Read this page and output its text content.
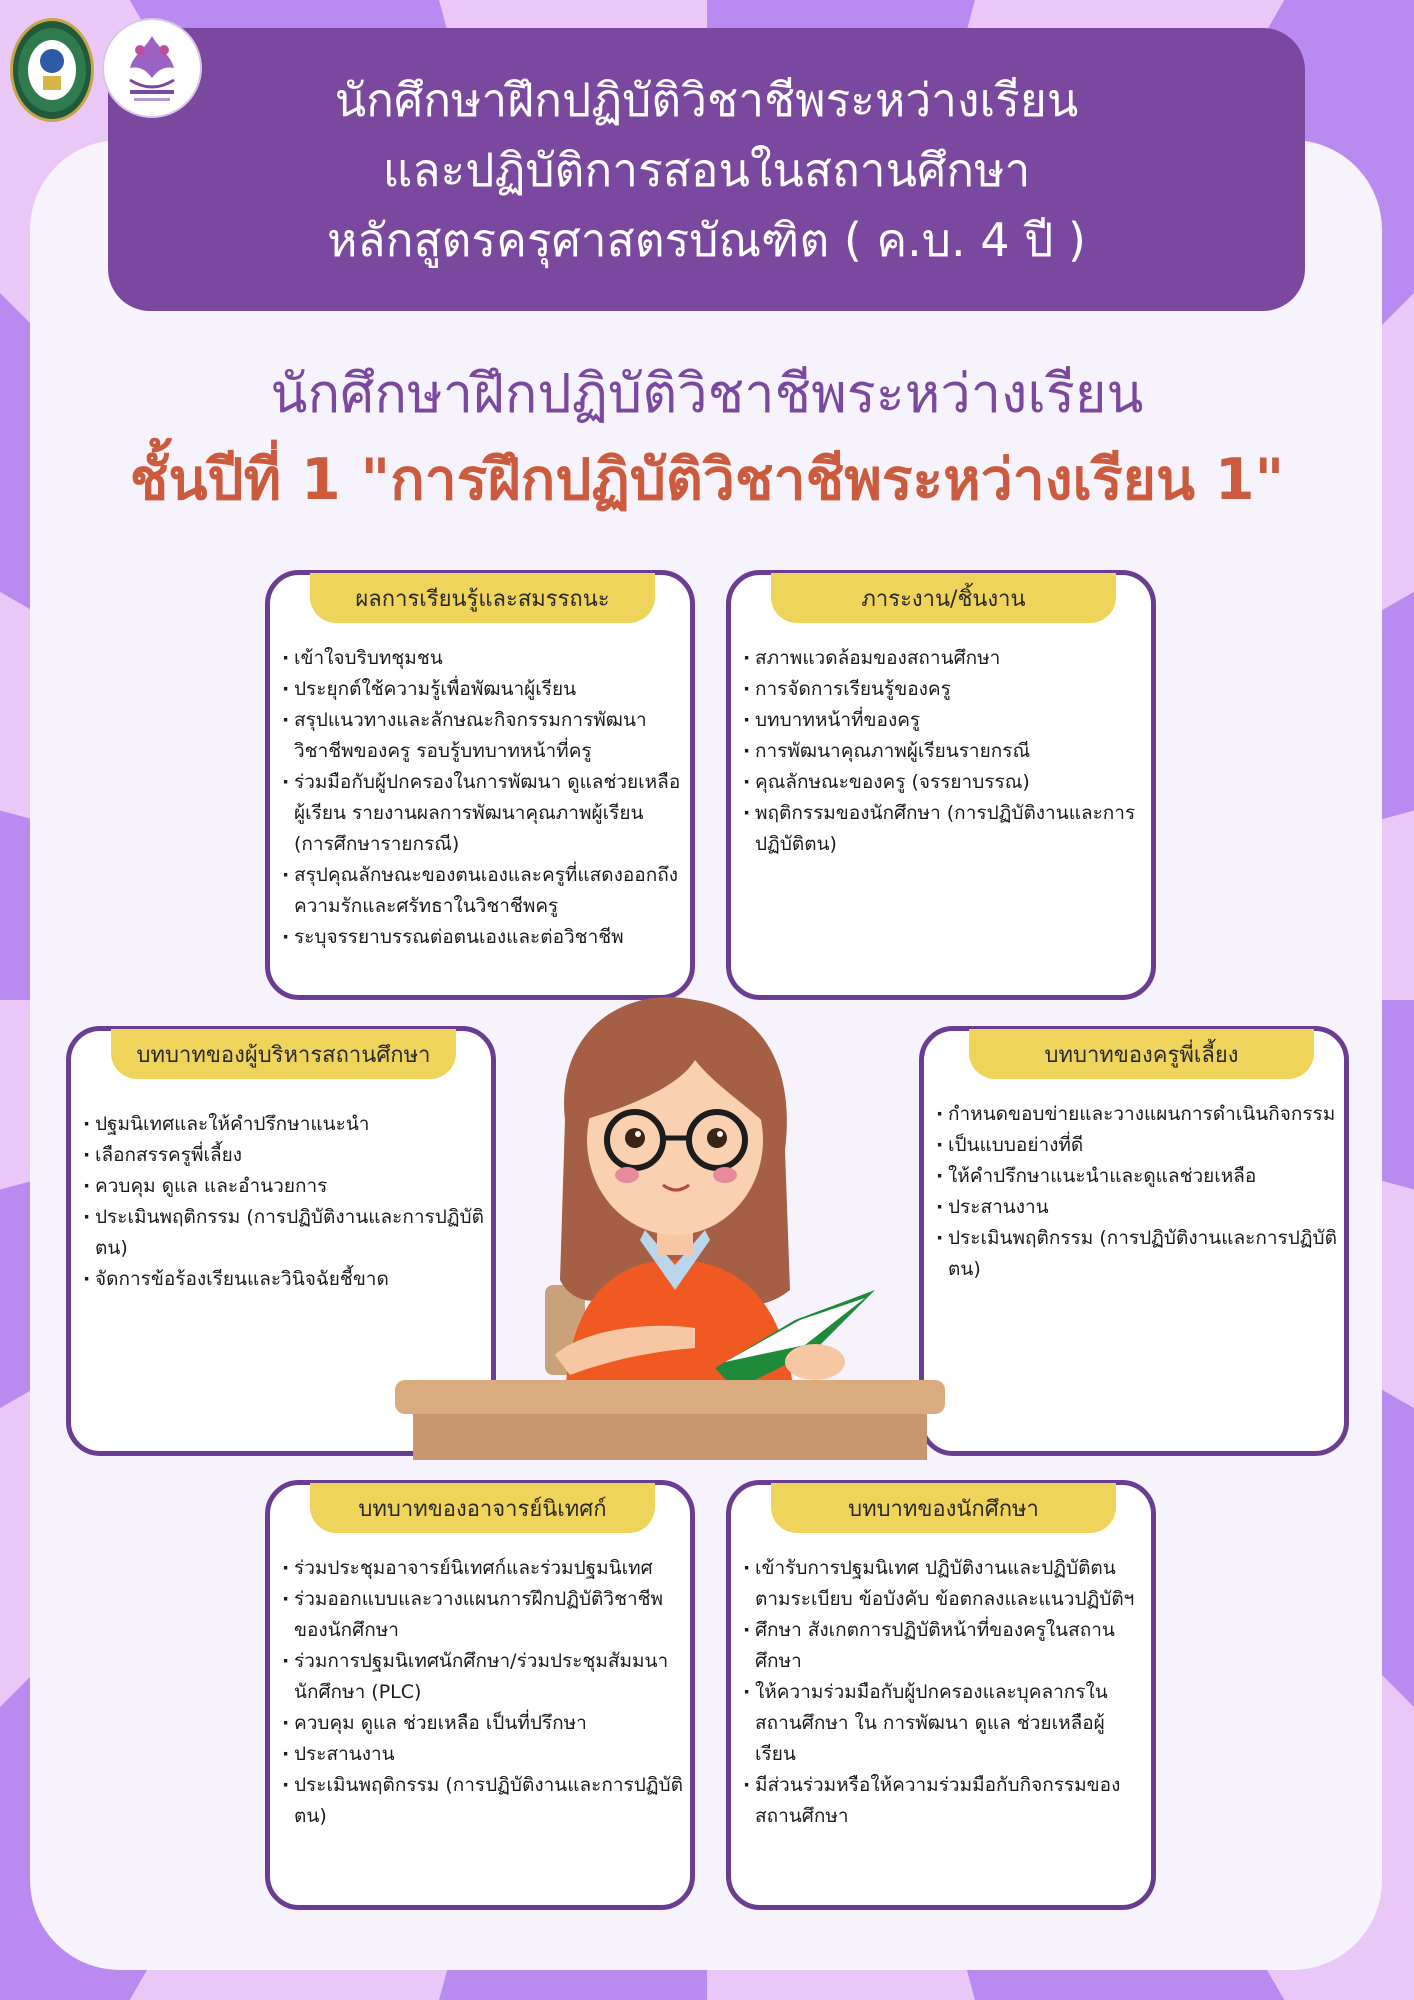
นักศึกษาฝึกปฏิบัติวิชาชีพระหว่างเรียน
และปฏิบัติการสอนในสถานศึกษา
หลักสูตรครุศาสตรบัณฑิต ( ค.บ. 4 ปี )
นักศึกษาฝึกปฏิบัติวิชาชีพระหว่างเรียน
ชั้นปีที่ 1 "การฝึกปฏิบัติวิชาชีพระหว่างเรียน 1"
ผลการเรียนรู้และสมรรถนะ
· เข้าใจบริบทชุมชน
· ประยุกต์ใช้ความรู้เพื่อพัฒนาผู้เรียน
· สรุปแนวทางและลักษณะกิจกรรมการพัฒนาวิชาชีพของครู รอบรู้บทบาทหน้าที่ครู
· ร่วมมือกับผู้ปกครองในการพัฒนา ดูแลช่วยเหลือผู้เรียน รายงานผลการพัฒนาคุณภาพผู้เรียน (การศึกษารายกรณี)
· สรุปคุณลักษณะของตนเองและครูที่แสดงออกถึง ความรักและศรัทธาในวิชาชีพครู
· ระบุจรรยาบรรณต่อตนเองและต่อวิชาชีพ
ภาระงาน/ชิ้นงาน
· สภาพแวดล้อมของสถานศึกษา
· การจัดการเรียนรู้ของครู
· บทบาทหน้าที่ของครู
· การพัฒนาคุณภาพผู้เรียนรายกรณี
· คุณลักษณะของครู (จรรยาบรรณ)
· พฤติกรรมของนักศึกษา (การปฏิบัติงานและการปฏิบัติตน)
บทบาทของผู้บริหารสถานศึกษา
· ปฐมนิเทศและให้คำปรึกษาแนะนำ
· เลือกสรรครูพี่เลี้ยง
· ควบคุม ดูแล และอำนวยการ
· ประเมินพฤติกรรม (การปฏิบัติงานและการปฏิบัติตน)
· จัดการข้อร้องเรียนและวินิจฉัยชี้ขาด
บทบาทของครูพี่เลี้ยง
· กำหนดขอบข่ายและวางแผนการดำเนินกิจกรรม
· เป็นแบบอย่างที่ดี
· ให้คำปรึกษาแนะนำและดูแลช่วยเหลือ
· ประสานงาน
· ประเมินพฤติกรรม (การปฏิบัติงานและการปฏิบัติตน)
บทบาทของอาจารย์นิเทศก์
· ร่วมประชุมอาจารย์นิเทศก์และร่วมปฐมนิเทศ
· ร่วมออกแบบและวางแผนการฝึกปฏิบัติวิชาชีพของนักศึกษา
· ร่วมการปฐมนิเทศนักศึกษา/ร่วมประชุมสัมมนานักศึกษา (PLC)
· ควบคุม ดูแล ช่วยเหลือ เป็นที่ปรึกษา
· ประสานงาน
· ประเมินพฤติกรรม (การปฏิบัติงานและการปฏิบัติตน)
บทบาทของนักศึกษา
· เข้ารับการปฐมนิเทศ ปฏิบัติงานและปฏิบัติตนตามระเบียบ ข้อบังคับ ข้อตกลงและแนวปฏิบัติฯ
· ศึกษา สังเกตการปฏิบัติหน้าที่ของครูในสถานศึกษา
· ให้ความร่วมมือกับผู้ปกครองและบุคลากรในสถานศึกษา ใน การพัฒนา ดูแล ช่วยเหลือผู้เรียน
· มีส่วนร่วมหรือให้ความร่วมมือกับกิจกรรมของสถานศึกษา
